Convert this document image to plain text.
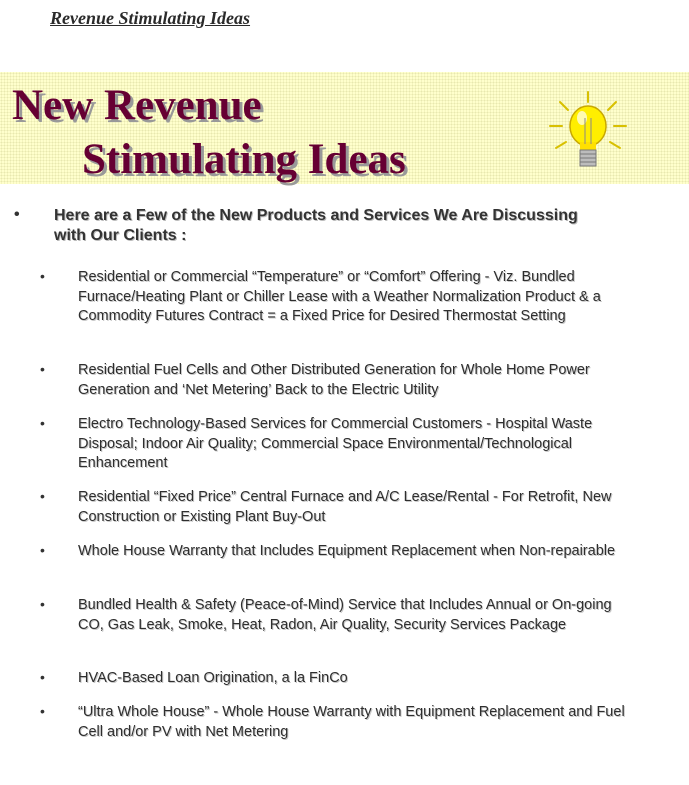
Revenue Stimulating Ideas
New Revenue
Stimulating Ideas
• Here are a Few of the New Products and Services We Are Discussing with Our Clients :
• Residential or Commercial “Temperature” or “Comfort” Offering - Viz. Bundled Furnace/Heating Plant or Chiller Lease with a Weather Normalization Product & a Commodity Futures Contract = a Fixed Price for Desired Thermostat Setting
• Residential Fuel Cells and Other Distributed Generation for Whole Home Power Generation and ‘Net Metering’ Back to the Electric Utility
• Electro Technology-Based Services for Commercial Customers - Hospital Waste Disposal; Indoor Air Quality; Commercial Space Environmental/Technological Enhancement
• Residential “Fixed Price” Central Furnace and A/C Lease/Rental - For Retrofit, New Construction or Existing Plant Buy-Out
• Whole House Warranty that Includes Equipment Replacement when Non-repairable
• Bundled Health & Safety (Peace-of-Mind) Service that Includes Annual or On-going CO, Gas Leak, Smoke, Heat, Radon, Air Quality, Security Services Package
• HVAC-Based Loan Origination, a la FinCo
• “Ultra Whole House” - Whole House Warranty with Equipment Replacement and Fuel Cell and/or PV with Net Metering
